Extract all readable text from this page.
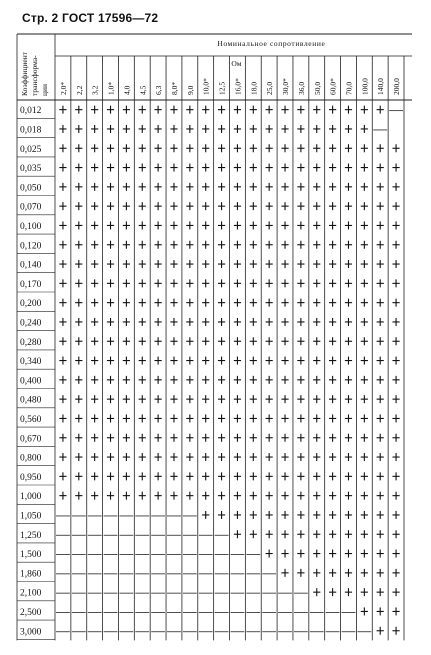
Стр. 2 ГОСТ 17596—72
Номинальное сопротивление
Ом
Коэффициент трансформа- ции 2,0* 2,2 3,2 1,0* 4,0 4,5 6,3 8,0* 9,0 10,0* 12,5 16,0* 18,0 25,0 30,0* 36,0 50,0 60,0* 70,0 100,0 140,0 200,0
0,012
0,018
0,025
0,035
0,050
0,070
0,100
0,120
0,140
0,170
0,200
0,240
0,280
0,340
0,400
0,480
0,560
0,670
0,800
0,950
1,000
1,050
1,250
1,500
1,860
2,100
2,500
3,000
